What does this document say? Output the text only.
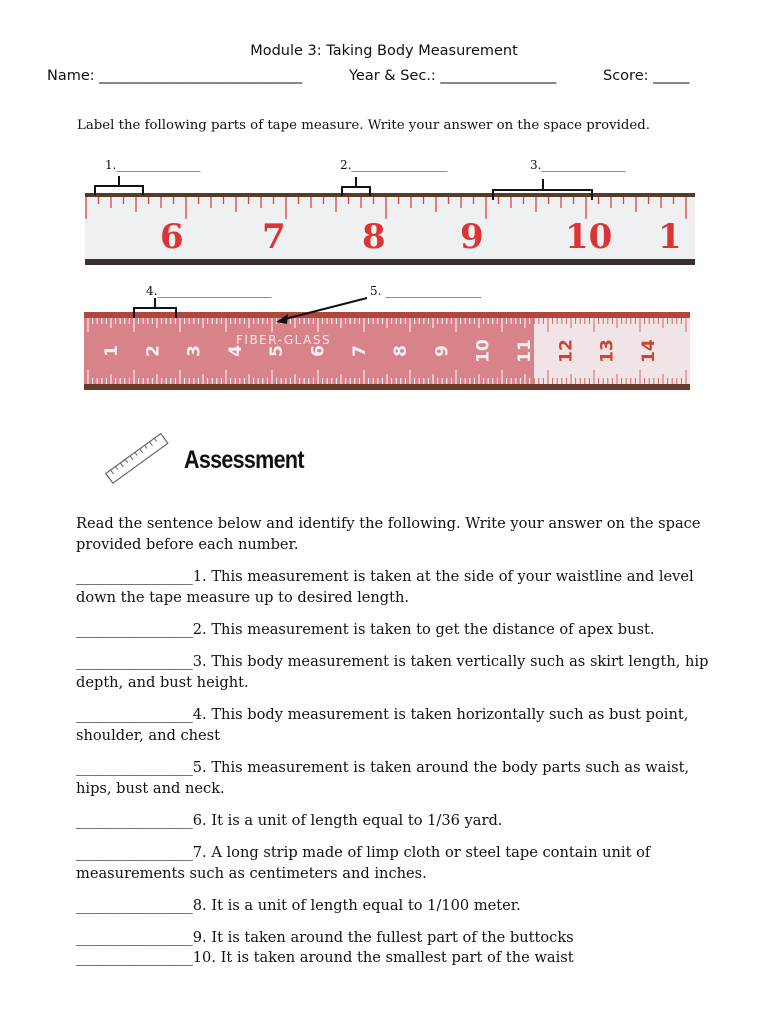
Module 3: Taking Body Measurement
Name: ____________________________	Year & Sec.: ________________	Score: _____
Label the following parts of tape measure. Write your answer on the space provided.
6 7 8 9 10 1
1 2 3 4 5 6 7 8 9 10 11 12 13 14
FIBER-GLASS
1.______________	2.________________	3.______________
4.___________________	5. ________________
Assessment
Read the sentence below and identify the following. Write your answer on the space provided before each number.
________________1. This measurement is taken at the side of your waistline and level down the tape measure up to desired length.
________________2. This measurement is taken to get the distance of apex bust.
________________3. This body measurement is taken vertically such as skirt length, hip depth, and bust height.
________________4. This body measurement is taken horizontally such as bust point, shoulder, and chest
________________5. This measurement is taken around the body parts such as waist, hips, bust and neck.
________________6. It is a unit of length equal to 1/36 yard.
________________7. A long strip made of limp cloth or steel tape contain unit of measurements such as centimeters and inches.
________________8. It is a unit of length equal to 1/100 meter.
________________9. It is taken around the fullest part of the buttocks
________________10. It is taken around the smallest part of the waist
